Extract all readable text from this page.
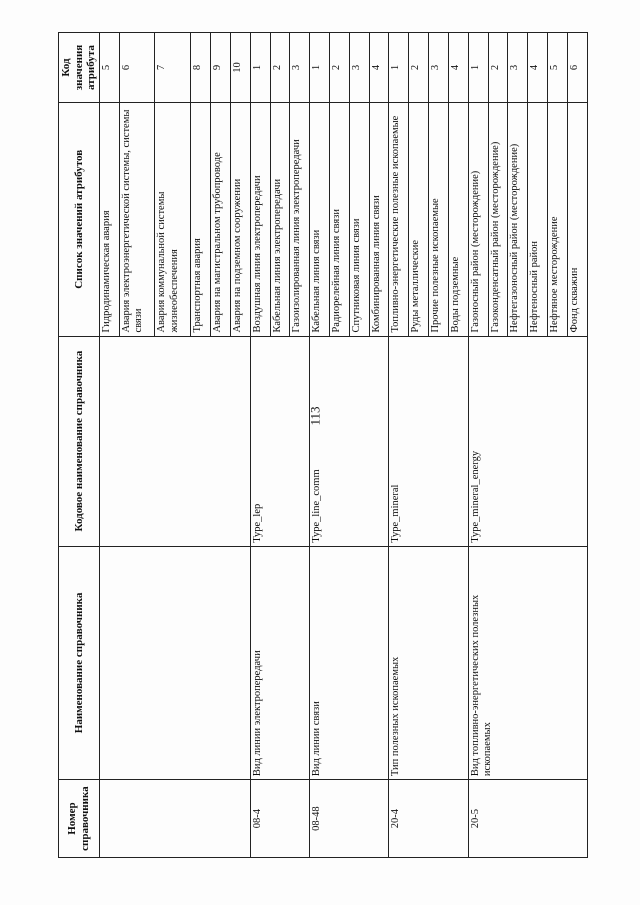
113
Номер справочника	Наименование справочника	Кодовое наименование справочника	Список значений атрибутов	Код значения атрибута
			Гидродинамическая авария	5
			Авария электроэнергетической системы, системы связи	6
			Авария коммунальной системы жизнеобеспечения	7
			Транспортная авария	8
			Авария на магистральном трубопроводе	9
			Авария на подземном сооружении	10
08-4	Вид линии электропередачи	Type_lep	Воздушная линия электропередачи	1
			Кабельная линия электропередачи	2
			Газоизолированная линия электропередачи	3
08-48	Вид линии связи	Type_line_comm	Кабельная линия связи	1
			Радиорелейная линия связи	2
			Спутниковая линия связи	3
			Комбинированная линия связи	4
20-4	Тип полезных ископаемых	Type_mineral	Топливно-энергетические полезные ископаемые	1
			Руды металлические	2
			Прочие полезные ископаемые	3
			Воды подземные	4
20-5	Вид топливно-энергетических полезных ископаемых	Type_mineral_energy	Газоносный район (месторождение)	1
			Газоконденсатный район (месторождение)	2
			Нефтегазоносный район (месторождение)	3
			Нефтеносный район	4
			Нефтяное месторождение	5
			Фонд скважин	6
